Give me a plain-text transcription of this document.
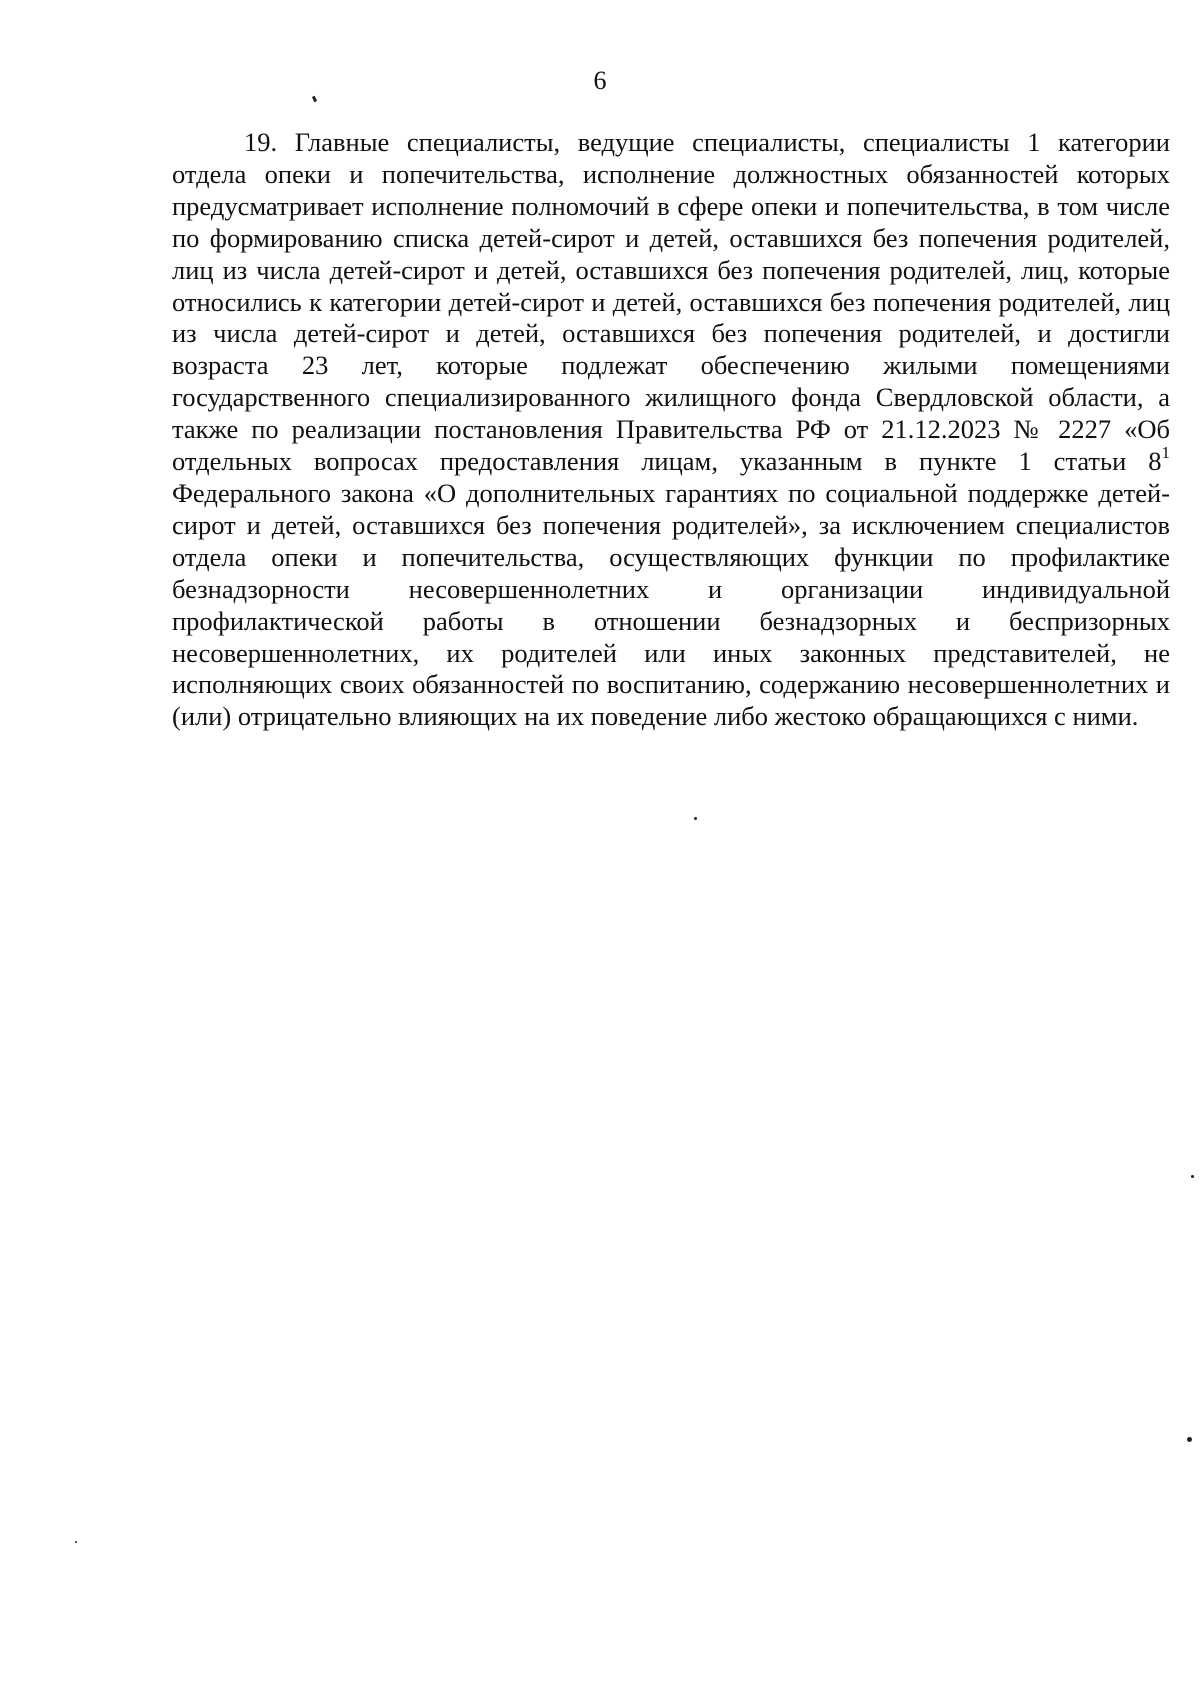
6

19. Главные специалисты, ведущие специалисты, специалисты 1 категории отдела опеки и попечительства, исполнение должностных обязанностей которых предусматривает исполнение полномочий в сфере опеки и попечительства, в том числе по формированию списка детей-сирот и детей, оставшихся без попечения родителей, лиц из числа детей-сирот и детей, оставшихся без попечения родителей, лиц, которые относились к категории детей-сирот и детей, оставшихся без попечения родителей, лиц из числа детей-сирот и детей, оставшихся без попечения родителей, и достигли возраста 23 лет, которые подлежат обеспечению жилыми помещениями государственного специализированного жилищного фонда Свердловской области, а также по реализации постановления Правительства РФ от 21.12.2023 № 2227 «Об отдельных вопросах предоставления лицам, указанным в пункте 1 статьи $8^1$ Федерального закона «О дополнительных гарантиях по социальной поддержке детей-сирот и детей, оставшихся без попечения родителей», за исключением специалистов отдела опеки и попечительства, осуществляющих функции по профилактике безнадзорности несовершеннолетних и организации индивидуальной профилактической работы в отношении безнадзорных и беспризорных несовершеннолетних, их родителей или иных законных представителей, не исполняющих своих обязанностей по воспитанию, содержанию несовершеннолетних и (или) отрицательно влияющих на их поведение либо жестоко обращающихся с ними.
